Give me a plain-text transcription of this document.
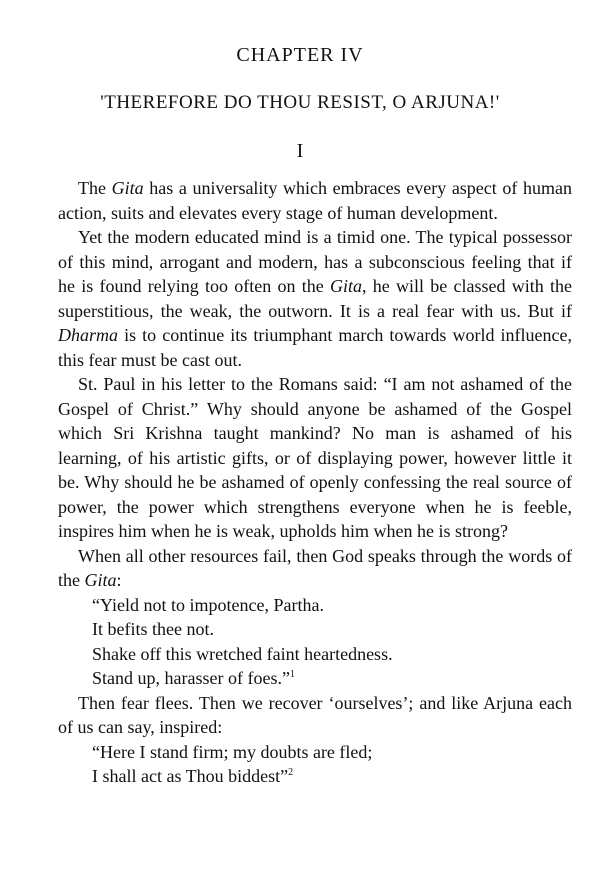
CHAPTER IV
'THEREFORE DO THOU RESIST, O ARJUNA!'
I

The Gita has a universality which embraces every aspect of human action, suits and elevates every stage of human development.

Yet the modern educated mind is a timid one. The typical possessor of this mind, arrogant and modern, has a subconscious feeling that if he is found relying too often on the Gita, he will be classed with the superstitious, the weak, the outworn. It is a real fear with us. But if Dharma is to continue its triumphant march towards world influence, this fear must be cast out.

St. Paul in his letter to the Romans said: “I am not ashamed of the Gospel of Christ.” Why should anyone be ashamed of the Gospel which Sri Krishna taught mankind? No man is ashamed of his learning, of his artistic gifts, or of displaying power, however little it be. Why should he be ashamed of openly confessing the real source of power, the power which strengthens everyone when he is feeble, inspires him when he is weak, upholds him when he is strong?

When all other resources fail, then God speaks through the words of the Gita:

“Yield not to impotence, Partha.
It befits thee not.
Shake off this wretched faint heartedness.
Stand up, harasser of foes.”$^1$

Then fear flees. Then we recover ‘ourselves’; and like Arjuna each of us can say, inspired:

“Here I stand firm; my doubts are fled;
I shall act as Thou biddest”$^2$
